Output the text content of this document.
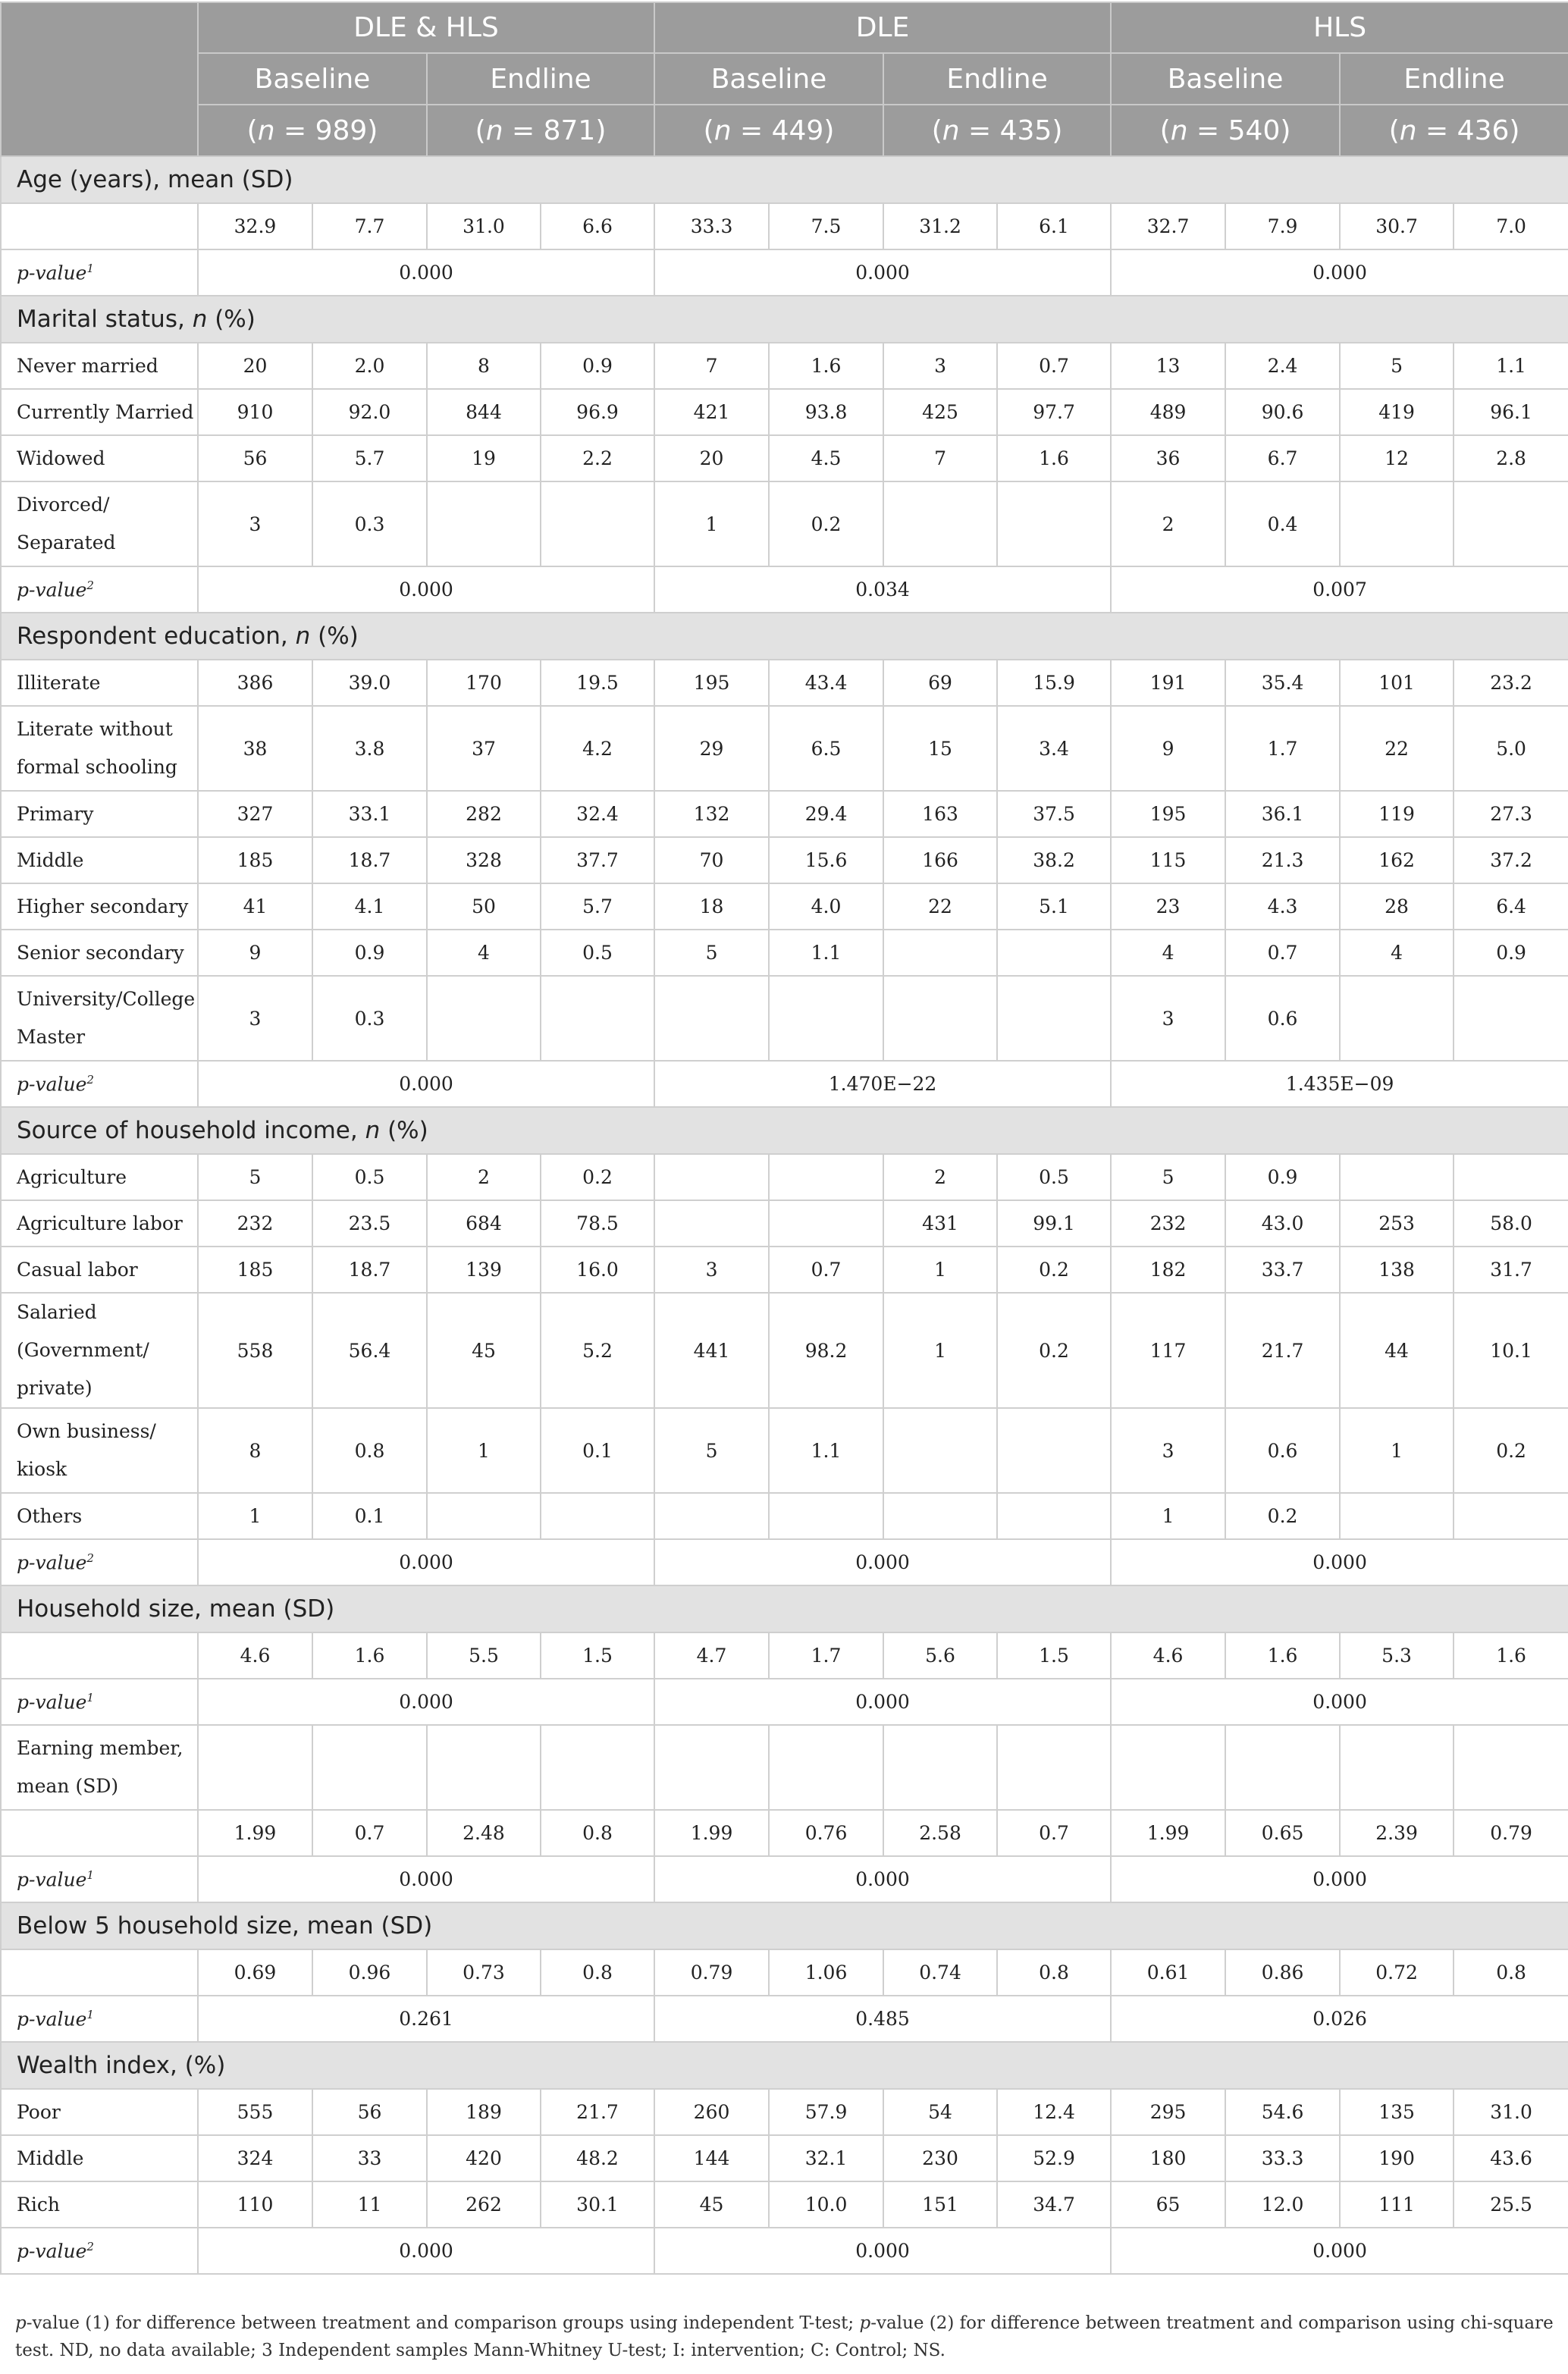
	DLE & HLS				DLE				HLS			
	Baseline		Endline		Baseline		Endline		Baseline		Endline	
	(n = 989)		(n = 871)		(n = 449)		(n = 435)		(n = 540)		(n = 436)	
Age (years), mean (SD)												
	32.9	7.7	31.0	6.6	33.3	7.5	31.2	6.1	32.7	7.9	30.7	7.0
p-value$^1$	0.000				0.000				0.000			
Marital status, n (%)												
Never married	20	2.0	8	0.9	7	1.6	3	0.7	13	2.4	5	1.1
Currently Married	910	92.0	844	96.9	421	93.8	425	97.7	489	90.6	419	96.1
Widowed	56	5.7	19	2.2	20	4.5	7	1.6	36	6.7	12	2.8
Divorced/ Separated	3	0.3			1	0.2			2	0.4		
p-value$^2$	0.000				0.034				0.007			
Respondent education, n (%)												
Illiterate	386	39.0	170	19.5	195	43.4	69	15.9	191	35.4	101	23.2
Literate without formal schooling	38	3.8	37	4.2	29	6.5	15	3.4	9	1.7	22	5.0
Primary	327	33.1	282	32.4	132	29.4	163	37.5	195	36.1	119	27.3
Middle	185	18.7	328	37.7	70	15.6	166	38.2	115	21.3	162	37.2
Higher secondary	41	4.1	50	5.7	18	4.0	22	5.1	23	4.3	28	6.4
Senior secondary	9	0.9	4	0.5	5	1.1			4	0.7	4	0.9
University/College Master	3	0.3							3	0.6		
p-value$^2$	0.000				1.470E−22				1.435E−09			
Source of household income, n (%)												
Agriculture	5	0.5	2	0.2			2	0.5	5	0.9		
Agriculture labor	232	23.5	684	78.5			431	99.1	232	43.0	253	58.0
Casual labor	185	18.7	139	16.0	3	0.7	1	0.2	182	33.7	138	31.7
Salaried (Government/ private)	558	56.4	45	5.2	441	98.2	1	0.2	117	21.7	44	10.1
Own business/ kiosk	8	0.8	1	0.1	5	1.1			3	0.6	1	0.2
Others	1	0.1							1	0.2		
p-value$^2$	0.000				0.000				0.000			
Household size, mean (SD)												
	4.6	1.6	5.5	1.5	4.7	1.7	5.6	1.5	4.6	1.6	5.3	1.6
p-value$^1$	0.000				0.000				0.000			
Earning member, mean (SD)												
	1.99	0.7	2.48	0.8	1.99	0.76	2.58	0.7	1.99	0.65	2.39	0.79
p-value$^1$	0.000				0.000				0.000			
Below 5 household size, mean (SD)												
	0.69	0.96	0.73	0.8	0.79	1.06	0.74	0.8	0.61	0.86	0.72	0.8
p-value$^1$	0.261				0.485				0.026			
Wealth index, (%)												
Poor	555	56	189	21.7	260	57.9	54	12.4	295	54.6	135	31.0
Middle	324	33	420	48.2	144	32.1	230	52.9	180	33.3	190	43.6
Rich	110	11	262	30.1	45	10.0	151	34.7	65	12.0	111	25.5
p-value$^2$	0.000				0.000				0.000			
p-value (1) for difference between treatment and comparison groups using independent T-test; p-value (2) for difference between treatment and comparison using chi-square test. ND, no data available; 3 Independent samples Mann-Whitney U-test; I: intervention; C: Control; NS.
